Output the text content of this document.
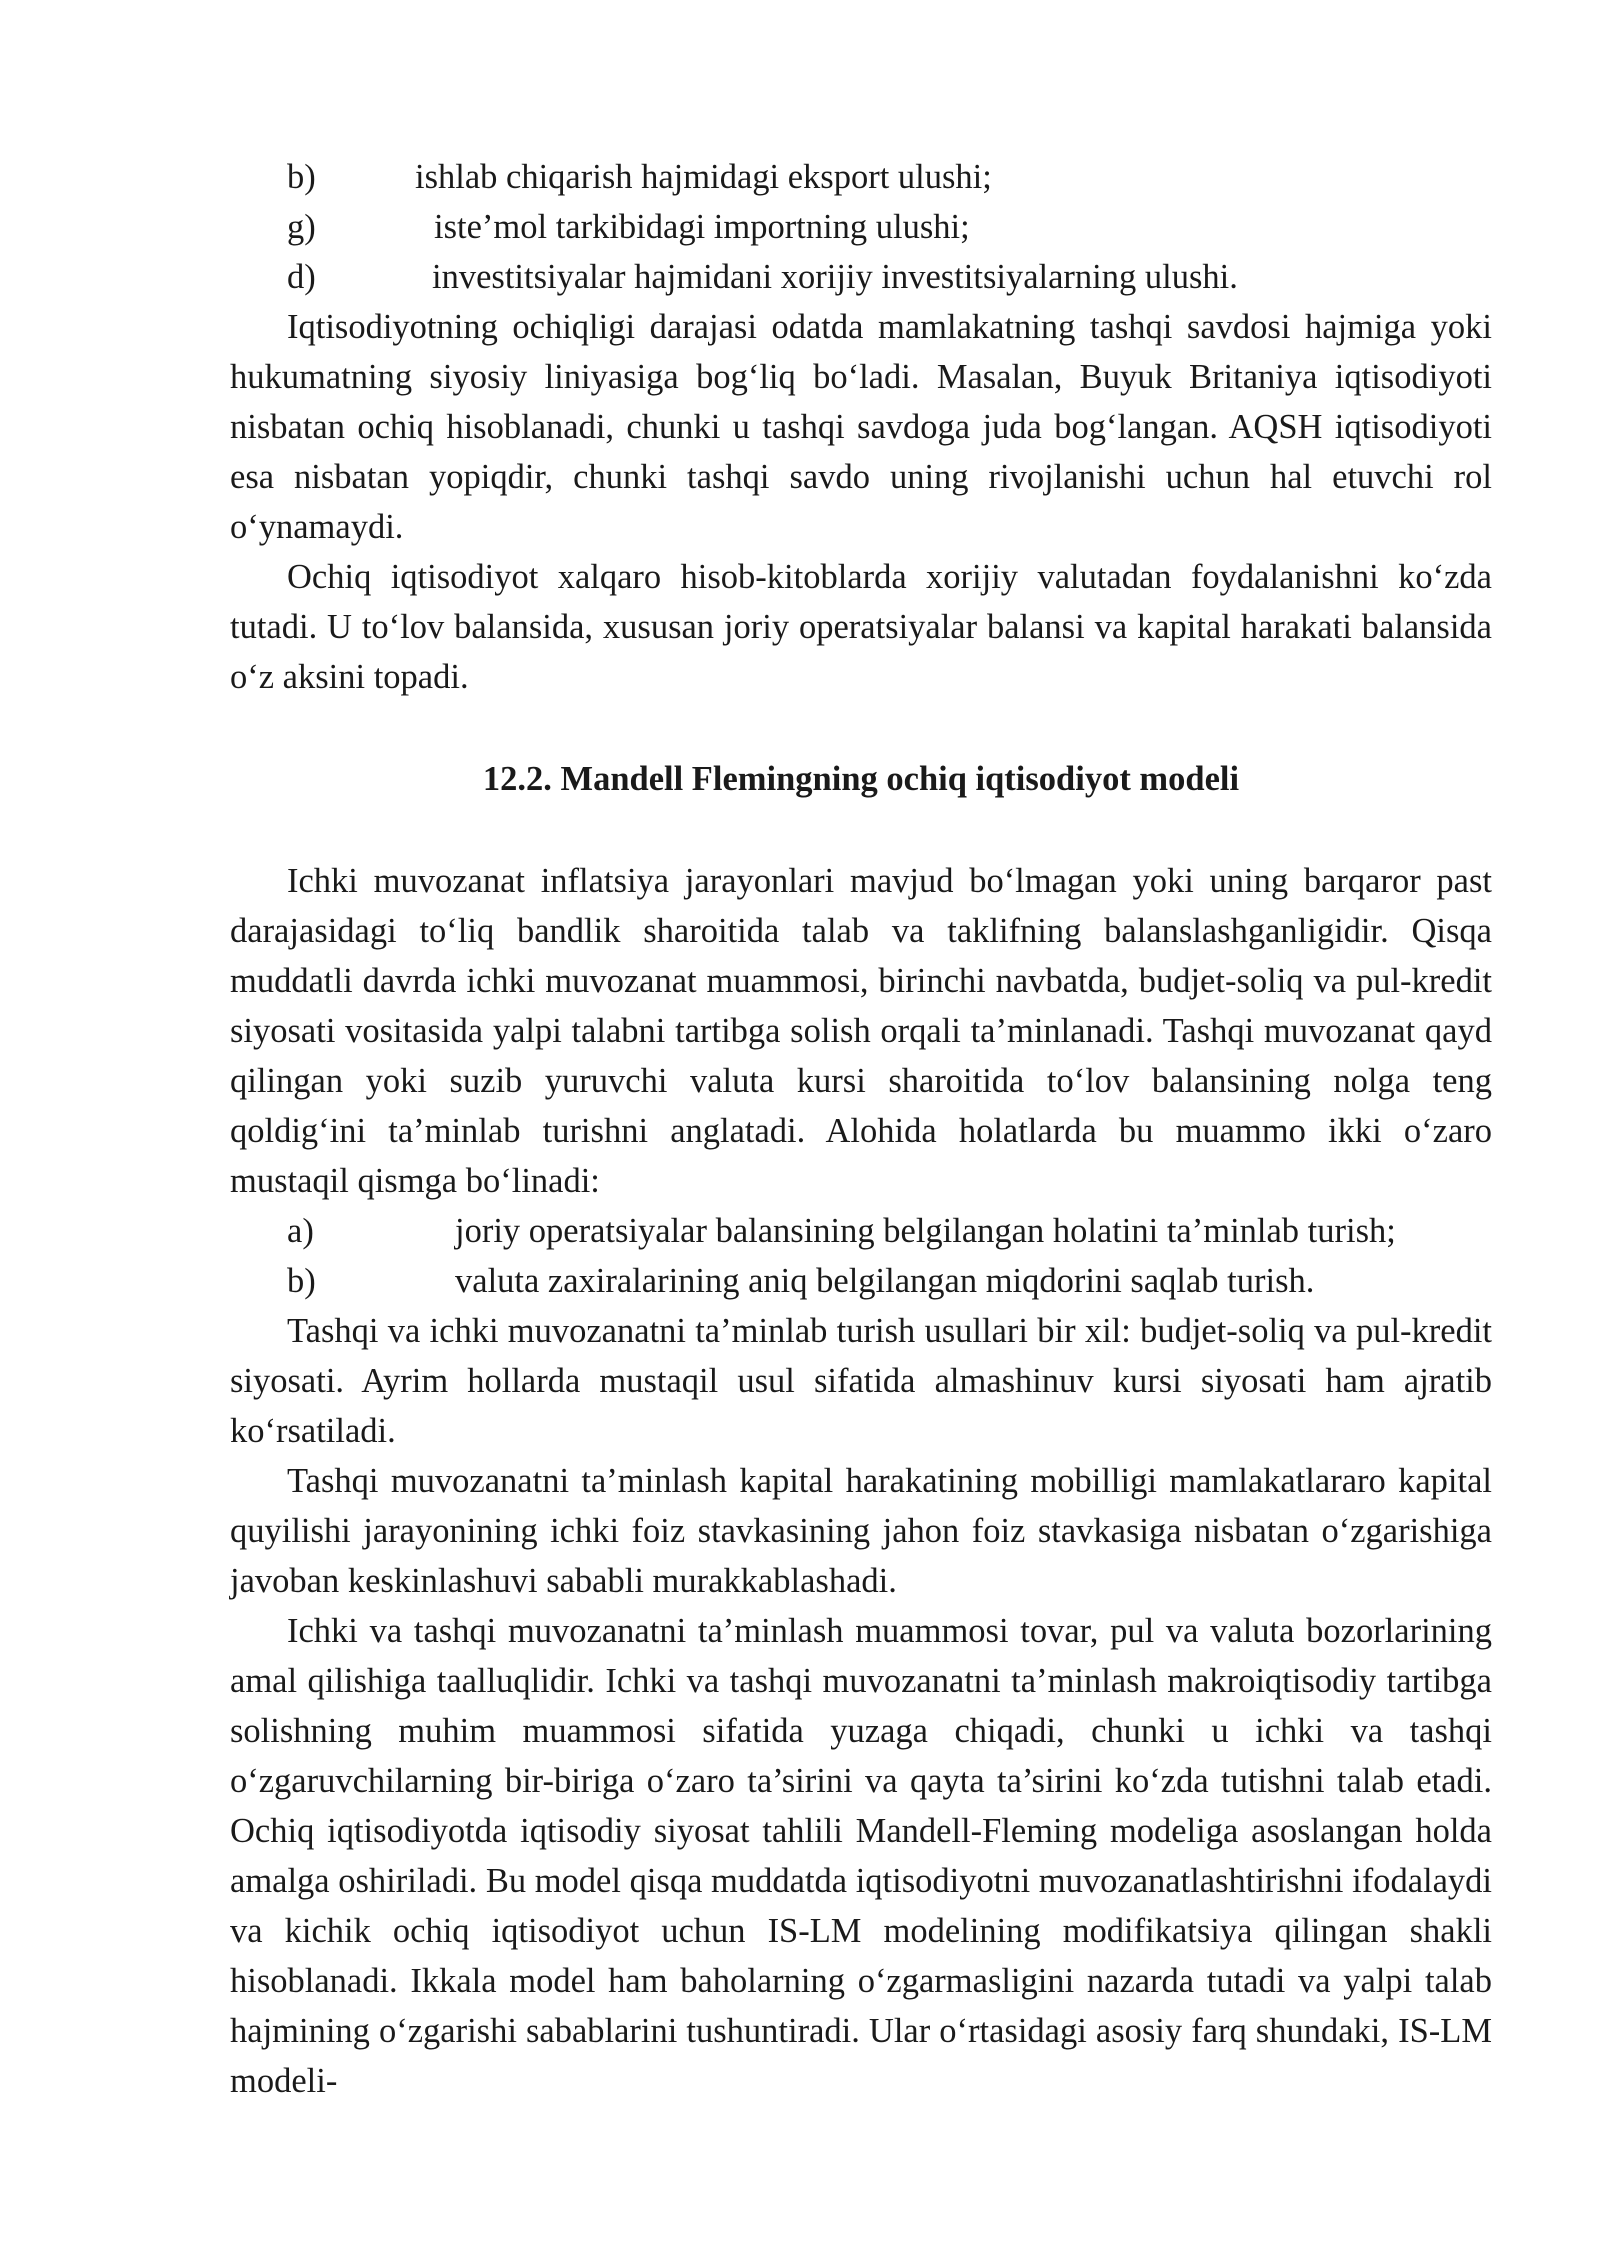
b)	ishlab chiqarish hajmidagi eksport ulushi;
g)	iste’mol tarkibidagi importning ulushi;
d)	investitsiyalar hajmidani xorijiy investitsiyalarning ulushi.

Iqtisodiyotning ochiqligi darajasi odatda mamlakatning tashqi savdosi hajmiga yoki hukumatning siyosiy liniyasiga bog‘liq bo‘ladi. Masalan, Buyuk Britaniya iqtisodiyoti nisbatan ochiq hisoblanadi, chunki u tashqi savdoga juda bog‘langan. AQSH iqtisodiyoti esa nisbatan yopiqdir, chunki tashqi savdo uning rivojlanishi uchun hal etuvchi rol o‘ynamaydi.

Ochiq iqtisodiyot xalqaro hisob-kitoblarda xorijiy valutadan foydalanishni ko‘zda tutadi. U to‘lov balansida, xususan joriy operatsiyalar balansi va kapital harakati balansida o‘z aksini topadi.

12.2. Mandell Flemingning ochiq iqtisodiyot modeli

Ichki muvozanat inflatsiya jarayonlari mavjud bo‘lmagan yoki uning barqaror past darajasidagi to‘liq bandlik sharoitida talab va taklifning balanslashganligidir. Qisqa muddatli davrda ichki muvozanat muammosi, birinchi navbatda, budjet-soliq va pul-kredit siyosati vositasida yalpi talabni tartibga solish orqali ta’minlanadi. Tashqi muvozanat qayd qilingan yoki suzib yuruvchi valuta kursi sharoitida to‘lov balansining nolga teng qoldig‘ini ta’minlab turishni anglatadi. Alohida holatlarda bu muammo ikki o‘zaro mustaqil qismga bo‘linadi:

a)	joriy operatsiyalar balansining belgilangan holatini ta’minlab turish;
b)	valuta zaxiralarining aniq belgilangan miqdorini saqlab turish.

Tashqi va ichki muvozanatni ta’minlab turish usullari bir xil: budjet-soliq va pul-kredit siyosati. Ayrim hollarda mustaqil usul sifatida almashinuv kursi siyosati ham ajratib ko‘rsatiladi.

Tashqi muvozanatni ta’minlash kapital harakatining mobilligi mamlakatlararo kapital quyilishi jarayonining ichki foiz stavkasining jahon foiz stavkasiga nisbatan o‘zgarishiga javoban keskinlashuvi sababli murakkablashadi.

Ichki va tashqi muvozanatni ta’minlash muammosi tovar, pul va valuta bozorlarining amal qilishiga taalluqlidir. Ichki va tashqi muvozanatni ta’minlash makroiqtisodiy tartibga solishning muhim muammosi sifatida yuzaga chiqadi, chunki u ichki va tashqi o‘zgaruvchilarning bir-biriga o‘zaro ta’sirini va qayta ta’sirini ko‘zda tutishni talab etadi. Ochiq iqtisodiyotda iqtisodiy siyosat tahlili Mandell-Fleming modeliga asoslangan holda amalga oshiriladi. Bu model qisqa muddatda iqtisodiyotni muvozanatlashtirishni ifodalaydi va kichik ochiq iqtisodiyot uchun IS-LM modelining modifikatsiya qilingan shakli hisoblanadi. Ikkala model ham baholarning o‘zgarmasligini nazarda tutadi va yalpi talab hajmining o‘zgarishi sabablarini tushuntiradi. Ular o‘rtasidagi asosiy farq shundaki, IS-LM modeli-
